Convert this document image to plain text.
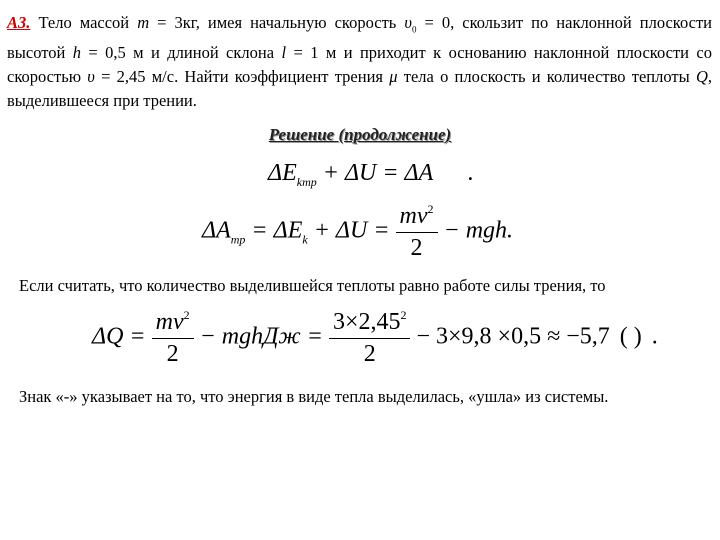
А3. Тело массой m = 3кг, имея начальную скорость $\upsilon_0 = 0$, скользит по наклонной плоскости высотой h = 0,5 м и длиной склона l = 1 м и приходит к основанию наклонной плоскости со скоростью υ = 2,45 м/с. Найти коэффициент трения μ тела о плоскость и количество теплоты Q, выделившееся при трении.
Решение (продолжение)
$\Delta E_{kmp} + \Delta U = \Delta A$ .
$\Delta A_{mp} = \Delta E_k + \Delta U = \frac{mv^2}{2}$ − mgh.
Если считать, что количество выделившейся теплоты равно работе силы трения, то
$\Delta Q = \frac{mv^2}{2}$ − mghДж = $\frac{3\times 2,45^2}{2} - 3\times 9,8 \times 0,5 \approx -5,7$ ( ) .
Знак «-» указывает на то, что энергия в виде тепла выделилась, «ушла» из системы.
